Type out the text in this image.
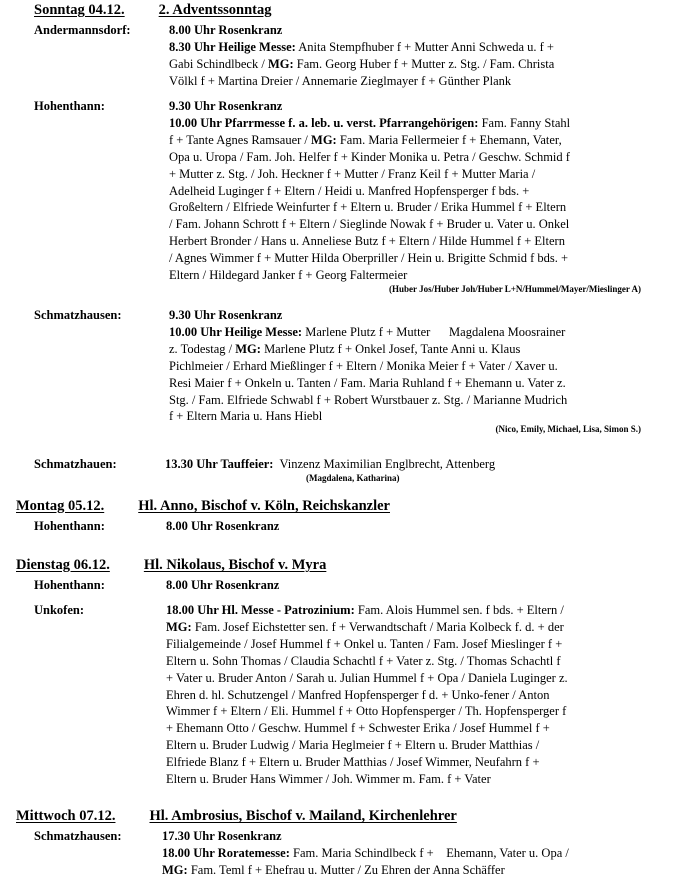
Sonntag 04.12. 2. Adventssonntag
Andermannsdorf:	8.00 Uhr Rosenkranz
8.30 Uhr Heilige Messe: Anita Stempfhuber f + Mutter Anni Schweda u. f +
Gabi Schindlbeck / MG: Fam. Georg Huber f + Mutter z. Stg. / Fam. Christa
Völkl f + Martina Dreier / Annemarie Zieglmayer f + Günther Plank
Hohenthann:	9.30 Uhr Rosenkranz
10.00 Uhr Pfarrmesse f. a. leb. u. verst. Pfarrangehörigen: Fam. Fanny Stahl
f + Tante Agnes Ramsauer / MG: Fam. Maria Fellermeier f + Ehemann, Vater,
Opa u. Uropa / Fam. Joh. Helfer f + Kinder Monika u. Petra / Geschw. Schmid f
+ Mutter z. Stg. / Joh. Heckner f + Mutter / Franz Keil f + Mutter Maria /
Adelheid Luginger f + Eltern / Heidi u. Manfred Hopfensperger f bds. +
Großeltern / Elfriede Weinfurter f + Eltern u. Bruder / Erika Hummel f + Eltern
/ Fam. Johann Schrott f + Eltern / Sieglinde Nowak f + Bruder u. Vater u. Onkel
Herbert Bronder / Hans u. Anneliese Butz f + Eltern / Hilde Hummel f + Eltern
/ Agnes Wimmer f + Mutter Hilda Oberpriller / Hein u. Brigitte Schmid f bds. +
Eltern / Hildegard Janker f + Georg Faltermeier
(Huber Jos/Huber Joh/Huber L+N/Hummel/Mayer/Mieslinger A)
Schmatzhausen:	9.30 Uhr Rosenkranz
10.00 Uhr Heilige Messe: Marlene Plutz f + Mutter      Magdalena Moosrainer
z. Todestag / MG: Marlene Plutz f + Onkel Josef, Tante Anni u. Klaus
Pichlmeier / Erhard Mießlinger f + Eltern / Monika Meier f + Vater / Xaver u.
Resi Maier f + Onkeln u. Tanten / Fam. Maria Ruhland f + Ehemann u. Vater z.
Stg. / Fam. Elfriede Schwabl f + Robert Wurstbauer z. Stg. / Marianne Mudrich
f + Eltern Maria u. Hans Hiebl
(Nico, Emily, Michael, Lisa, Simon S.)
Schmatzhauen:	13.30 Uhr Tauffeier:  Vinzenz Maximilian Englbrecht, Attenberg
(Magdalena, Katharina)
Montag 05.12. Hl. Anno, Bischof v. Köln, Reichskanzler
Hohenthann:	8.00 Uhr Rosenkranz
Dienstag 06.12. Hl. Nikolaus, Bischof v. Myra
Hohenthann:	8.00 Uhr Rosenkranz
Unkofen:	18.00 Uhr Hl. Messe - Patrozinium: Fam. Alois Hummel sen. f bds. + Eltern /
MG: Fam. Josef Eichstetter sen. f + Verwandtschaft / Maria Kolbeck f. d. + der
Filialgemeinde / Josef Hummel f + Onkel u. Tanten / Fam. Josef Mieslinger f +
Eltern u. Sohn Thomas / Claudia Schachtl f + Vater z. Stg. / Thomas Schachtl f
+ Vater u. Bruder Anton / Sarah u. Julian Hummel f + Opa / Daniela Luginger z.
Ehren d. hl. Schutzengel / Manfred Hopfensperger f d. + Unko-fener / Anton
Wimmer f + Eltern / Eli. Hummel f + Otto Hopfensperger / Th. Hopfensperger f
+ Ehemann Otto / Geschw. Hummel f + Schwester Erika / Josef Hummel f +
Eltern u. Bruder Ludwig / Maria Heglmeier f + Eltern u. Bruder Matthias /
Elfriede Blanz f + Eltern u. Bruder Matthias / Josef Wimmer, Neufahrn f +
Eltern u. Bruder Hans Wimmer / Joh. Wimmer m. Fam. f + Vater
Mittwoch 07.12. Hl. Ambrosius, Bischof v. Mailand, Kirchenlehrer
Schmatzhausen:	17.30 Uhr Rosenkranz
18.00 Uhr Roratemesse: Fam. Maria Schindlbeck f +    Ehemann, Vater u. Opa /
MG: Fam. Teml f + Ehefrau u. Mutter / Zu Ehren der Anna Schäffer
